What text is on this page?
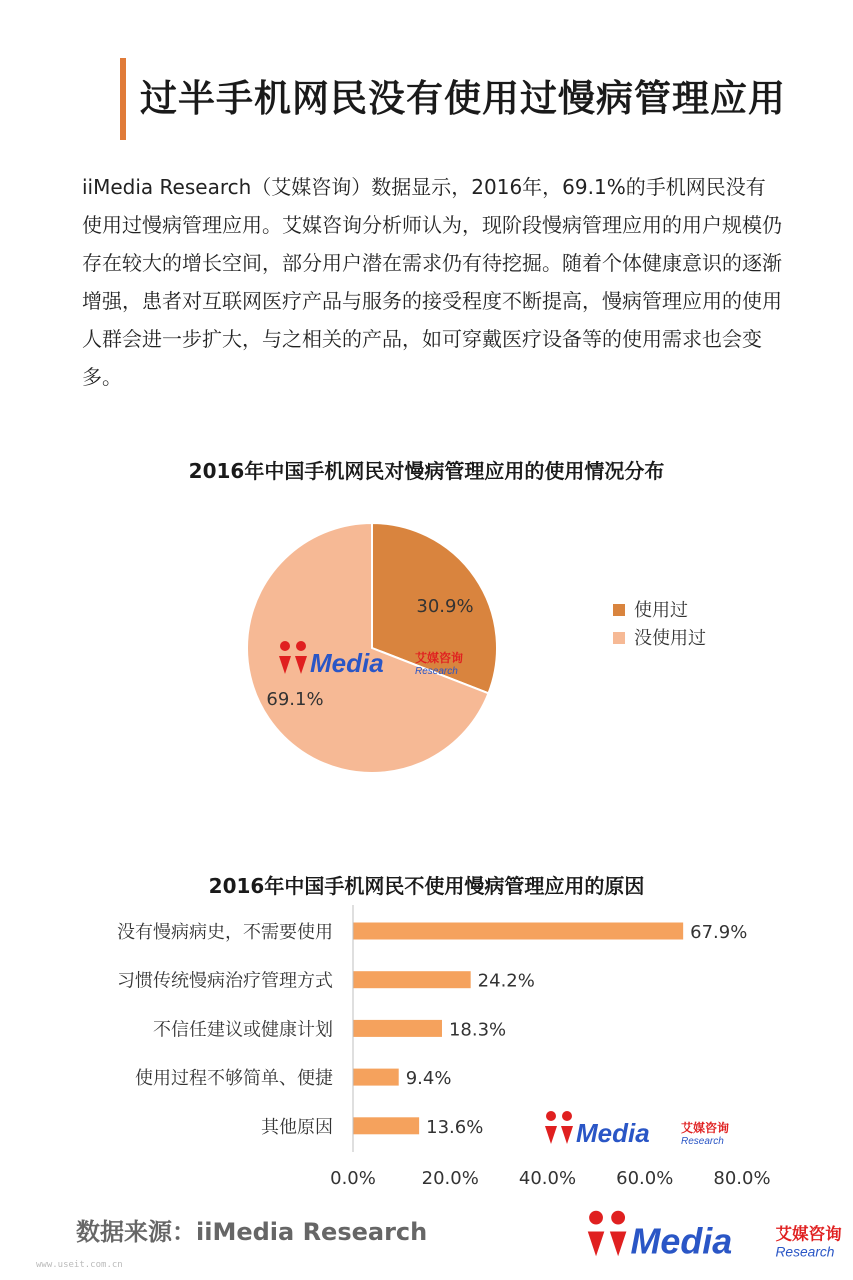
过半手机网民没有使用过慢病管理应用
iiMedia Research（艾媒咨询）数据显示，2016年，69.1%的手机网民没有使用过慢病管理应用。艾媒咨询分析师认为，现阶段慢病管理应用的用户规模仍存在较大的增长空间，部分用户潜在需求仍有待挖掘。随着个体健康意识的逐渐增强，患者对互联网医疗产品与服务的接受程度不断提高，慢病管理应用的使用人群会进一步扩大，与之相关的产品，如可穿戴医疗设备等的使用需求也会变多。
2016年中国手机网民对慢病管理应用的使用情况分布
2016年中国手机网民不使用慢病管理应用的原因
30.9%
69.1%
Media	艾媒咨询
Research
使用过
没使用过
没有慢病病史，不需要使用	67.9%
习惯传统慢病治疗管理方式	24.2%
不信任建议或健康计划	18.3%
使用过程不够简单、便捷	9.4%
其他原因	13.6%
0.0%	20.0% 40.0% 60.0% 80.0%
Media	艾媒咨询
Research
Media	艾媒咨询
Research
数据来源：iiMedia Research
www.useit.com.cn
